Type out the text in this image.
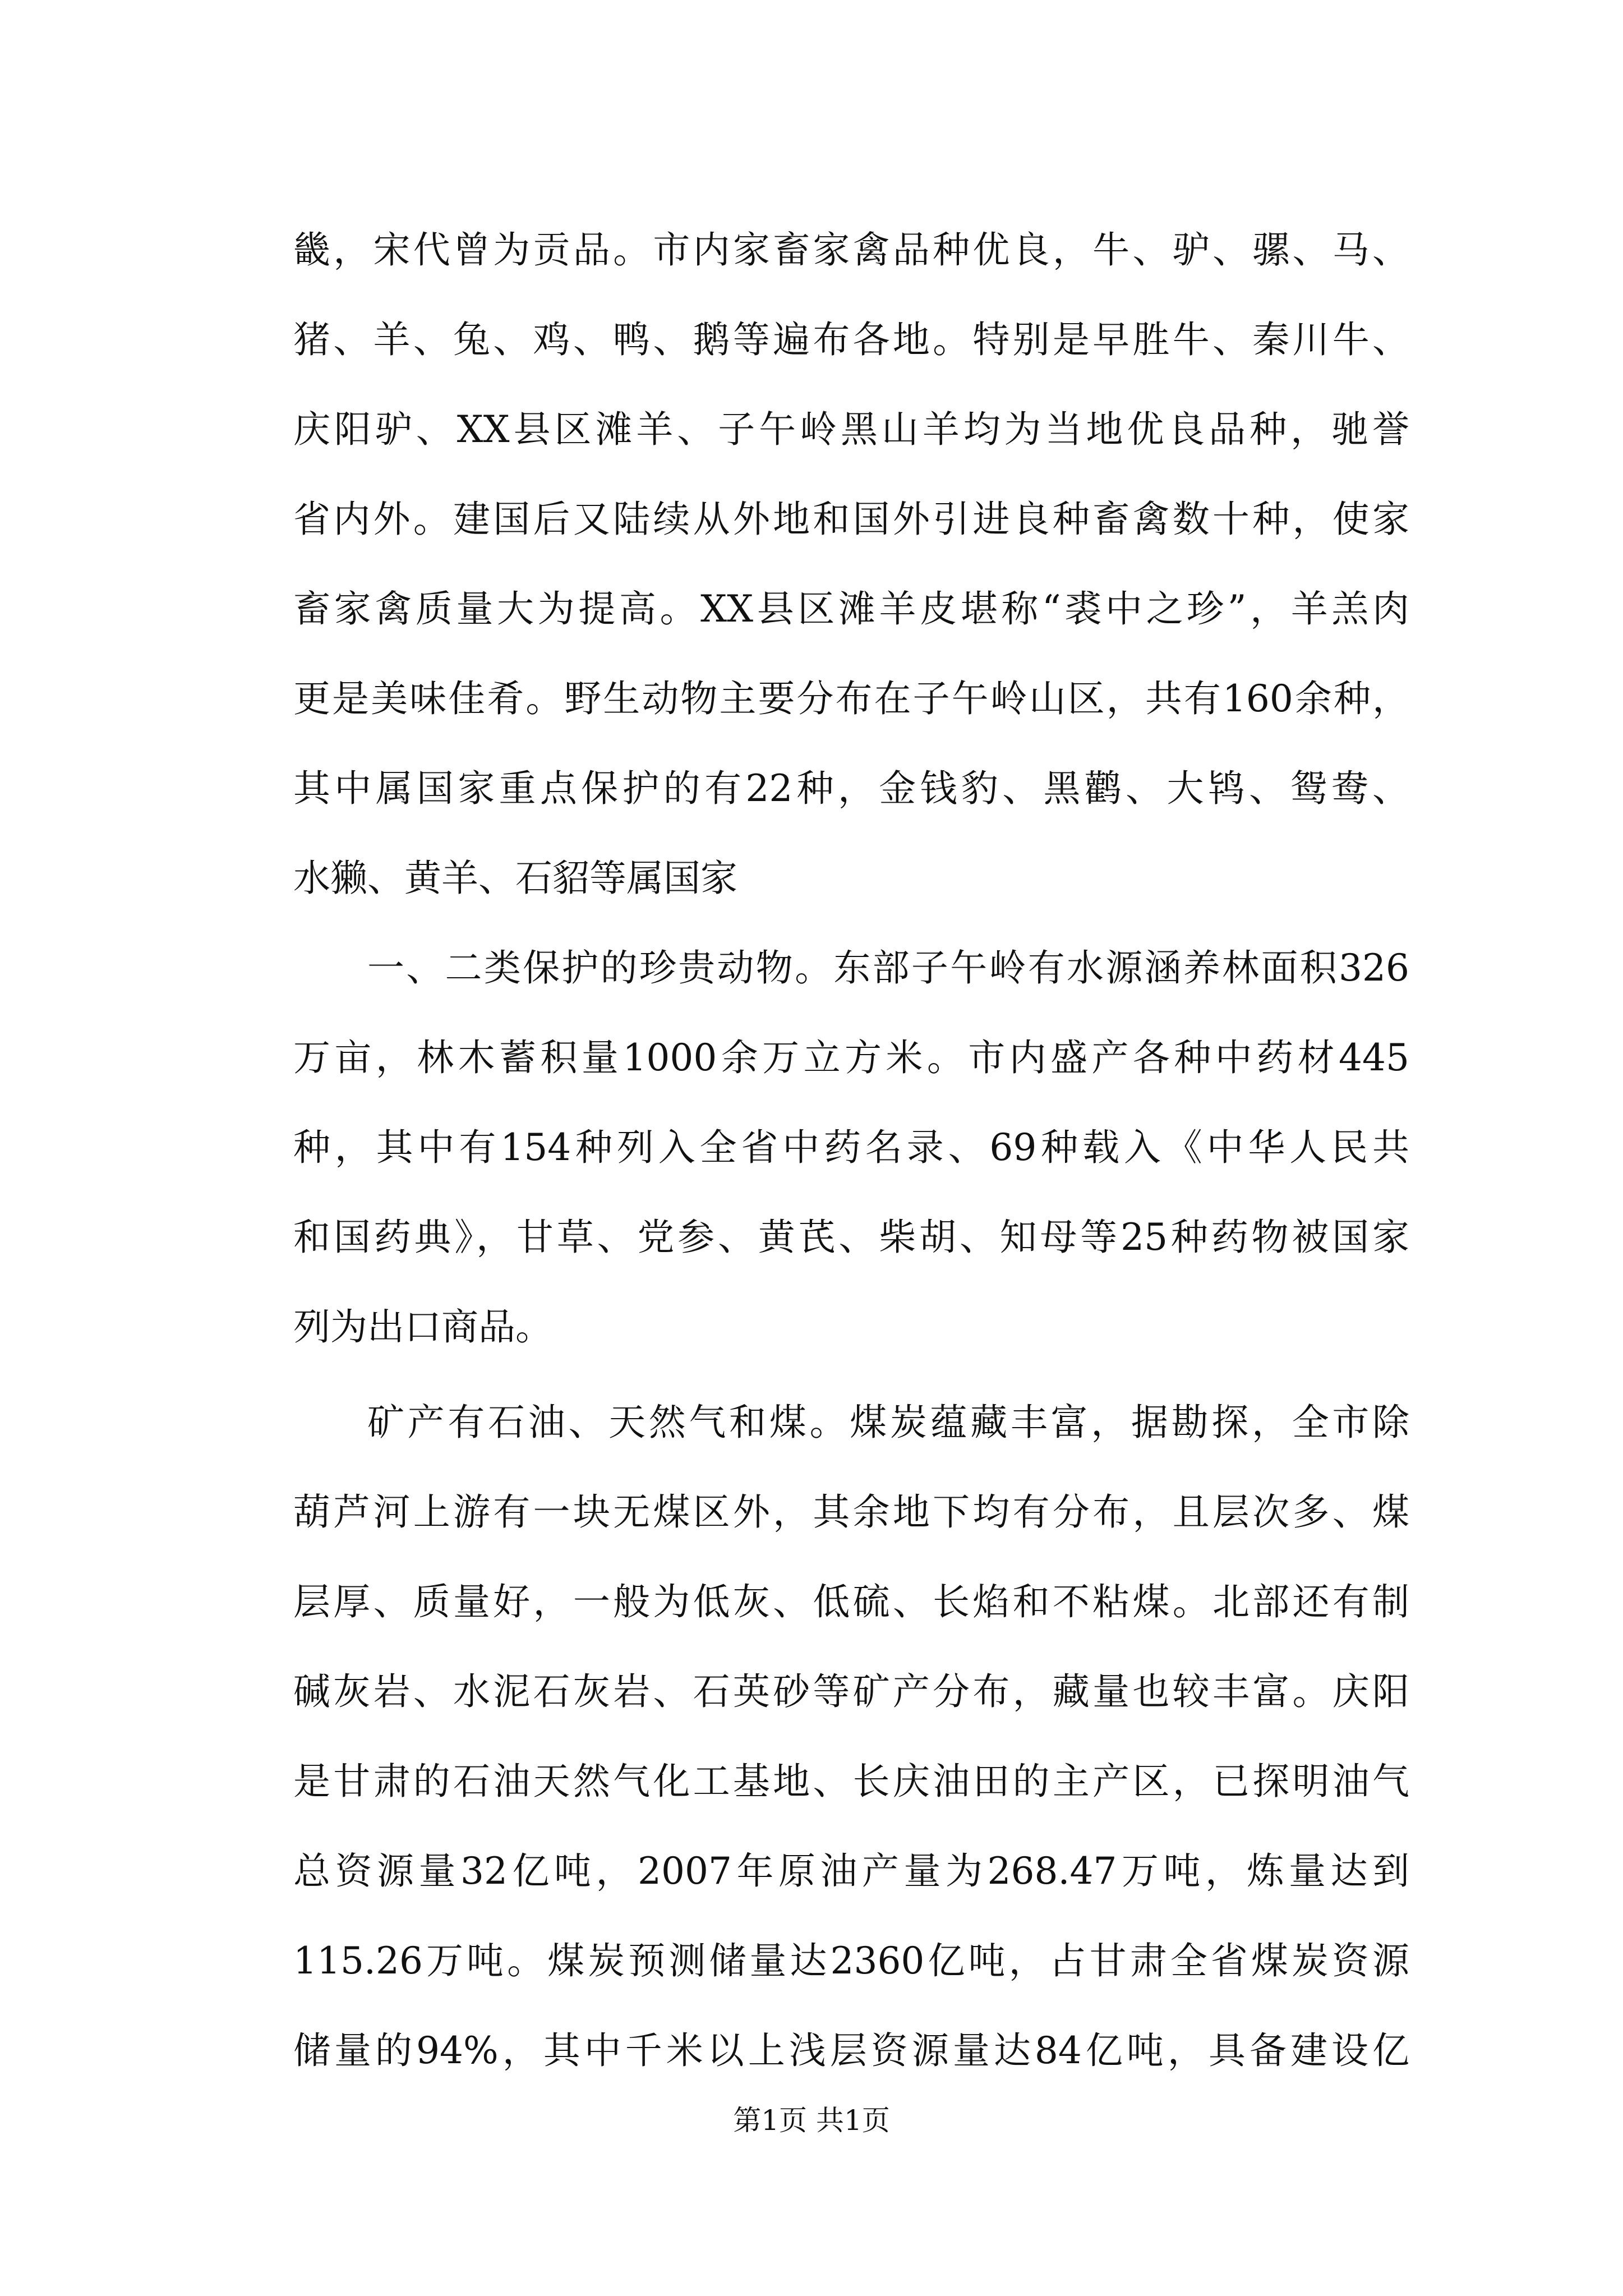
畿，宋代曾为贡品。市内家畜家禽品种优良，牛、驴、骡、马、
猪、羊、兔、鸡、鸭、鹅等遍布各地。特别是早胜牛、秦川牛、
庆阳驴、XX县区滩羊、子午岭黑山羊均为当地优良品种，驰誉
省内外。建国后又陆续从外地和国外引进良种畜禽数十种，使家
畜家禽质量大为提高。XX县区滩羊皮堪称“裘中之珍”，羊羔肉
更是美味佳肴。野生动物主要分布在子午岭山区，共有160余种，
其中属国家重点保护的有22种，金钱豹、黑鹳、大鸨、鸳鸯、
水獭、黄羊、石貂等属国家
一、二类保护的珍贵动物。东部子午岭有水源涵养林面积326
万亩，林木蓄积量1000余万立方米。市内盛产各种中药材445
种，其中有154种列入全省中药名录、69种载入《中华人民共
和国药典》，甘草、党参、黄芪、柴胡、知母等25种药物被国家
列为出口商品。
矿产有石油、天然气和煤。煤炭蕴藏丰富，据勘探，全市除
葫芦河上游有一块无煤区外，其余地下均有分布，且层次多、煤
层厚、质量好，一般为低灰、低硫、长焰和不粘煤。北部还有制
碱灰岩、水泥石灰岩、石英砂等矿产分布，藏量也较丰富。庆阳
是甘肃的石油天然气化工基地、长庆油田的主产区，已探明油气
总资源量32亿吨，2007年原油产量为268.47万吨，炼量达到
115.26万吨。煤炭预测储量达2360亿吨，占甘肃全省煤炭资源
储量的94%，其中千米以上浅层资源量达84亿吨，具备建设亿
第1页 共1页
